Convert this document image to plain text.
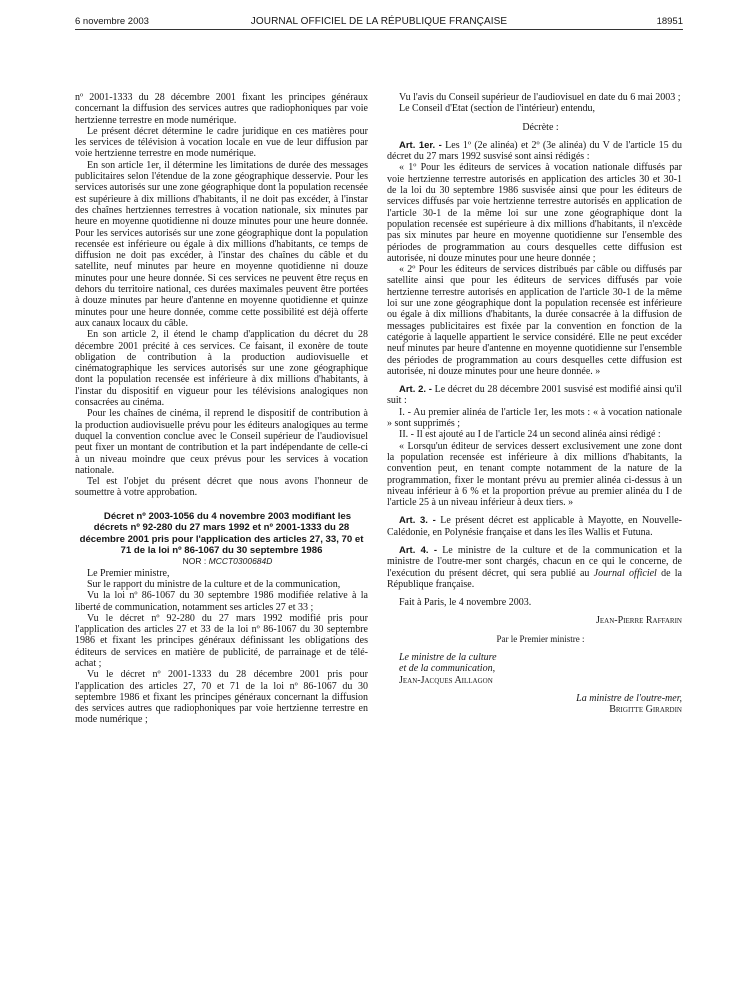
6 novembre 2003	JOURNAL OFFICIEL DE LA RÉPUBLIQUE FRANÇAISE	18951

nº 2001-1333 du 28 décembre 2001 fixant les principes généraux concernant la diffusion des services autres que radiophoniques par voie hertzienne terrestre en mode numérique.

Le présent décret détermine le cadre juridique en ces matières pour les services de télévision à vocation locale en vue de leur diffusion par voie hertzienne terrestre en mode numérique.

En son article 1er, il détermine les limitations de durée des messages publicitaires selon l'étendue de la zone géographique desservie. Pour les services autorisés sur une zone géographique dont la population recensée est supérieure à dix millions d'habitants, il ne doit pas excéder, à l'instar des chaînes hertziennes terrestres à vocation nationale, six minutes par heure en moyenne quotidienne ni douze minutes pour une heure donnée. Pour les services autorisés sur une zone géographique dont la population recensée est inférieure ou égale à dix millions d'habitants, ce temps de diffusion ne doit pas excéder, à l'instar des chaînes du câble et du satellite, neuf minutes par heure en moyenne quotidienne ni douze minutes pour une heure donnée. Si ces services ne peuvent être reçus en dehors du territoire national, ces durées maximales peuvent être portées à douze minutes par heure d'antenne en moyenne quotidienne et quinze minutes pour une heure donnée, comme cette possibilité est déjà offerte aux canaux locaux du câble.

En son article 2, il étend le champ d'application du décret du 28 décembre 2001 précité à ces services. Ce faisant, il exonère de toute obligation de contribution à la production audiovisuelle et cinématographique les services autorisés sur une zone géographique dont la population recensée est inférieure à dix millions d'habitants, à l'instar du dispositif en vigueur pour les télévisions analogiques non consacrées au cinéma.

Pour les chaînes de cinéma, il reprend le dispositif de contribution à la production audiovisuelle prévu pour les éditeurs analogiques au terme duquel la convention conclue avec le Conseil supérieur de l'audiovisuel peut fixer un montant de contribution et la part indépendante de celle-ci à un niveau moindre que ceux prévus pour les services à vocation nationale.

Tel est l'objet du présent décret que nous avons l'honneur de soumettre à votre approbation.

Décret nº 2003-1056 du 4 novembre 2003 modifiant les décrets nº 92-280 du 27 mars 1992 et nº 2001-1333 du 28 décembre 2001 pris pour l'application des articles 27, 33, 70 et 71 de la loi nº 86-1067 du 30 septembre 1986

NOR : MCCT0300684D

Le Premier ministre,

Sur le rapport du ministre de la culture et de la communication,

Vu la loi nº 86-1067 du 30 septembre 1986 modifiée relative à la liberté de communication, notamment ses articles 27 et 33 ;

Vu le décret nº 92-280 du 27 mars 1992 modifié pris pour l'application des articles 27 et 33 de la loi nº 86-1067 du 30 septembre 1986 et fixant les principes généraux définissant les obligations des éditeurs de services en matière de publicité, de parrainage et de télé-achat ;

Vu le décret nº 2001-1333 du 28 décembre 2001 pris pour l'application des articles 27, 70 et 71 de la loi nº 86-1067 du 30 septembre 1986 et fixant les principes généraux concernant la diffusion des services autres que radiophoniques par voie hertzienne terrestre en mode numérique ;

Vu l'avis du Conseil supérieur de l'audiovisuel en date du 6 mai 2003 ;

Le Conseil d'Etat (section de l'intérieur) entendu,

Décrète :

Art. 1er. - Les 1º (2e alinéa) et 2º (3e alinéa) du V de l'article 15 du décret du 27 mars 1992 susvisé sont ainsi rédigés :

« 1º Pour les éditeurs de services à vocation nationale diffusés par voie hertzienne terrestre autorisés en application des articles 30 et 30-1 de la loi du 30 septembre 1986 susvisée ainsi que pour les éditeurs de services diffusés par voie hertzienne terrestre autorisés en application de l'article 30-1 de la même loi sur une zone géographique dont la population recensée est supérieure à dix millions d'habitants, il n'excède pas six minutes par heure en moyenne quotidienne sur l'ensemble des périodes de programmation au cours desquelles cette diffusion est autorisée, ni douze minutes pour une heure donnée ;

« 2º Pour les éditeurs de services distribués par câble ou diffusés par satellite ainsi que pour les éditeurs de services diffusés par voie hertzienne terrestre autorisés en application de l'article 30-1 de la même loi sur une zone géographique dont la population recensée est inférieure ou égale à dix millions d'habitants, la durée consacrée à la diffusion de messages publicitaires est fixée par la convention en fonction de la catégorie à laquelle appartient le service considéré. Elle ne peut excéder neuf minutes par heure d'antenne en moyenne quotidienne sur l'ensemble des périodes de programmation au cours desquelles cette diffusion est autorisée, ni douze minutes pour une heure donnée. »

Art. 2. - Le décret du 28 décembre 2001 susvisé est modifié ainsi qu'il suit :

I. - Au premier alinéa de l'article 1er, les mots : « à vocation nationale » sont supprimés ;

II. - Il est ajouté au I de l'article 24 un second alinéa ainsi rédigé :

« Lorsqu'un éditeur de services dessert exclusivement une zone dont la population recensée est inférieure à dix millions d'habitants, la convention peut, en tenant compte notamment de la nature de la programmation, fixer le montant prévu au premier alinéa ci-dessus à un niveau inférieur à 6 % et la proportion prévue au premier alinéa du I de l'article 25 à un niveau inférieur à deux tiers. »

Art. 3. - Le présent décret est applicable à Mayotte, en Nouvelle-Calédonie, en Polynésie française et dans les îles Wallis et Futuna.

Art. 4. - Le ministre de la culture et de la communication et la ministre de l'outre-mer sont chargés, chacun en ce qui le concerne, de l'exécution du présent décret, qui sera publié au Journal officiel de la République française.

Fait à Paris, le 4 novembre 2003.

Jean-Pierre Raffarin

Par le Premier ministre :

Le ministre de la culture

et de la communication,

Jean-Jacques Aillagon

La ministre de l'outre-mer,

Brigitte Girardin
